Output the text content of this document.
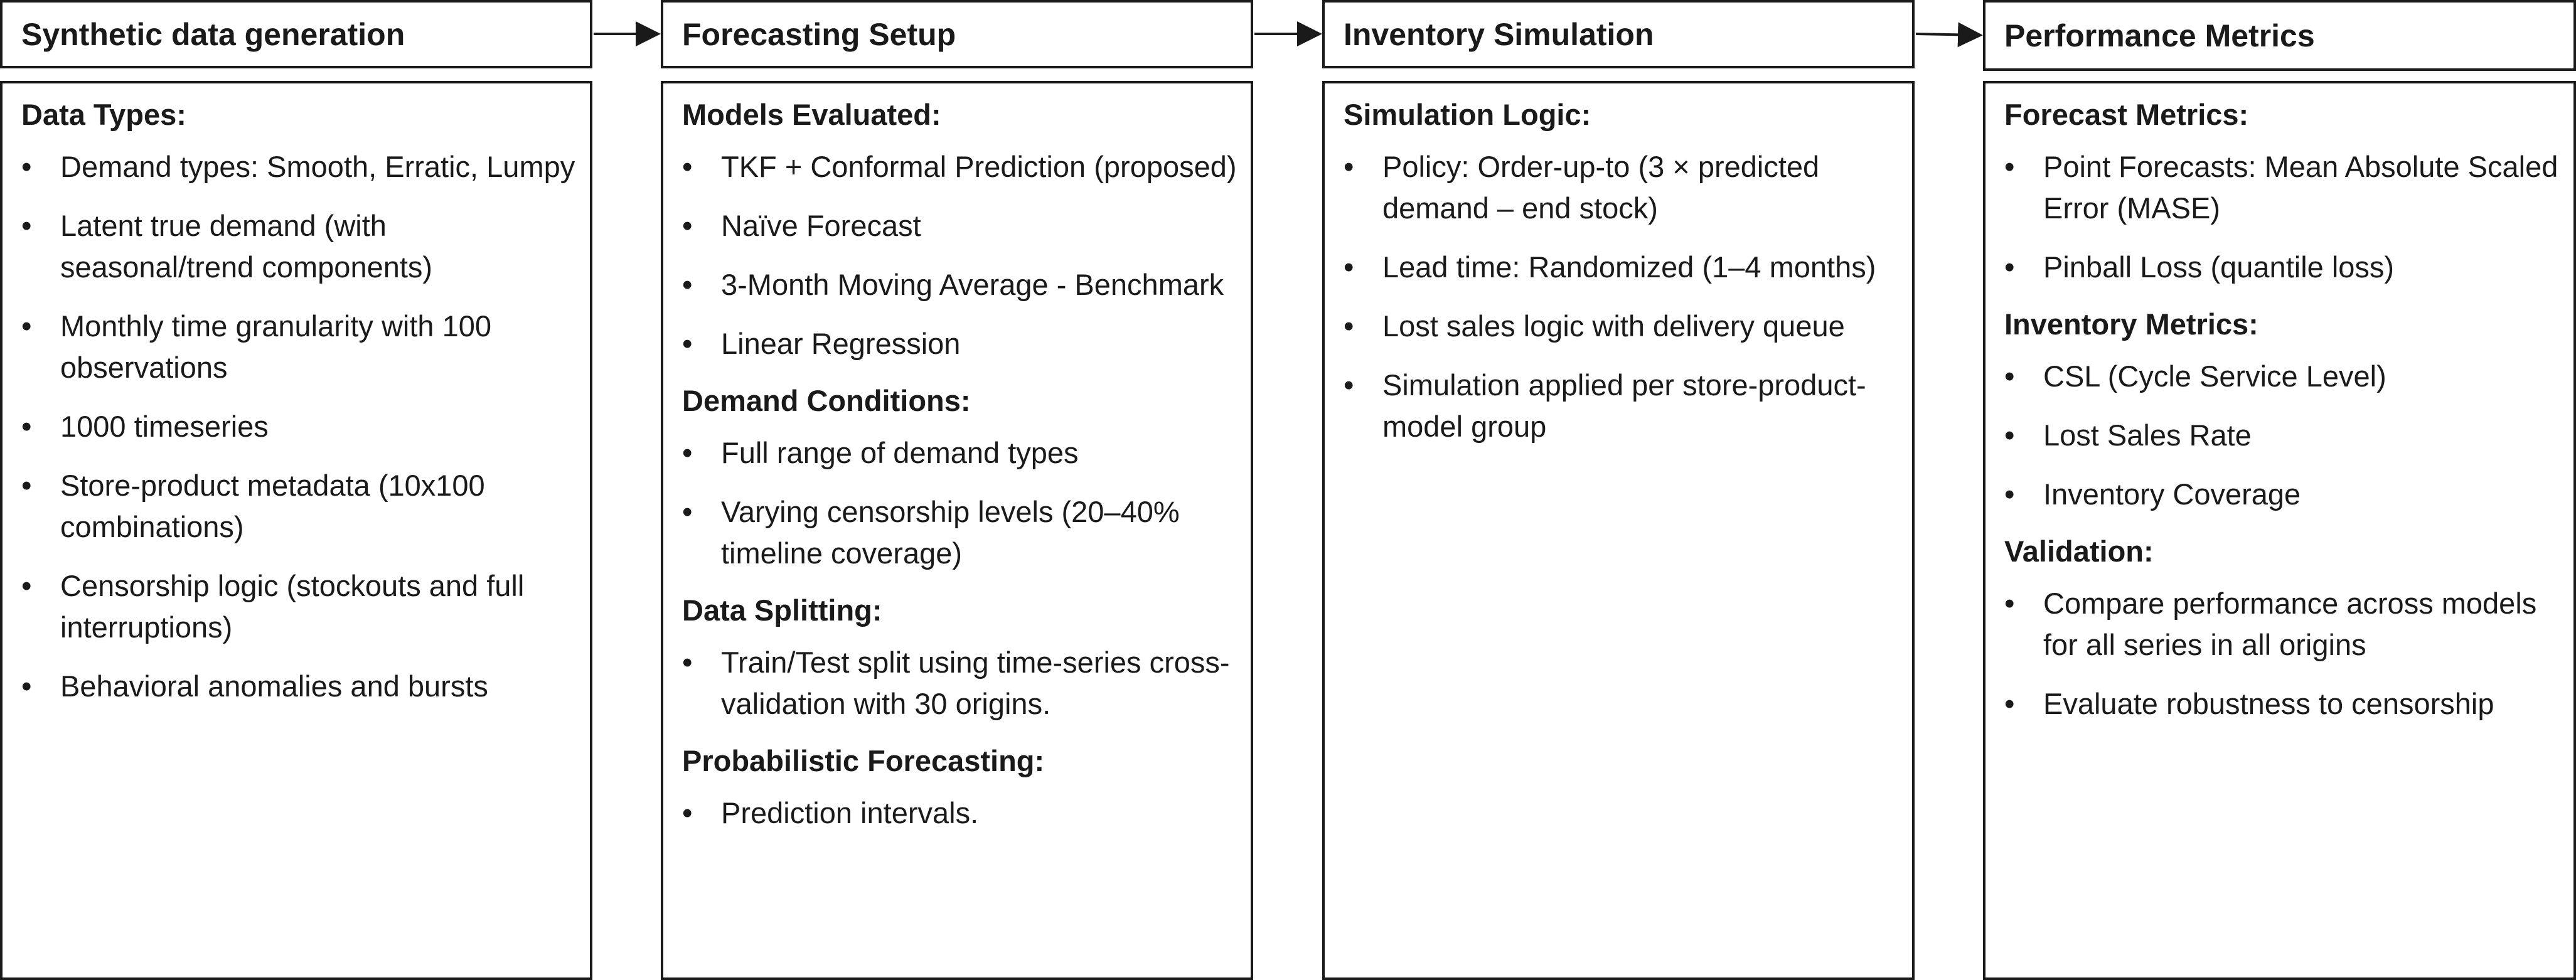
Synthetic data generation

Data Types:

• Demand types: Smooth, Erratic, Lumpy
• Latent true demand (with seasonal/trend components)
• Monthly time granularity with 100 observations
• 1000 timeseries
• Store-product metadata (10x100 combinations)
• Censorship logic (stockouts and full interruptions)
• Behavioral anomalies and bursts
Forecasting Setup

Models Evaluated:

• TKF + Conformal Prediction (proposed)
• Naïve Forecast
• 3-Month Moving Average - Benchmark
• Linear Regression

Demand Conditions:

• Full range of demand types
• Varying censorship levels (20–40% timeline coverage)

Data Splitting:

• Train/Test split using time-series cross-validation with 30 origins.

Probabilistic Forecasting:

• Prediction intervals.
Inventory Simulation

Simulation Logic:

• Policy: Order-up-to (3 × predicted demand – end stock)
• Lead time: Randomized (1–4 months)
• Lost sales logic with delivery queue
• Simulation applied per store-product-model group
Performance Metrics

Forecast Metrics:

• Point Forecasts: Mean Absolute Scaled Error (MASE)
• Pinball Loss (quantile loss)

Inventory Metrics:

• CSL (Cycle Service Level)
• Lost Sales Rate
• Inventory Coverage

Validation:

• Compare performance across models for all series in all origins
• Evaluate robustness to censorship
